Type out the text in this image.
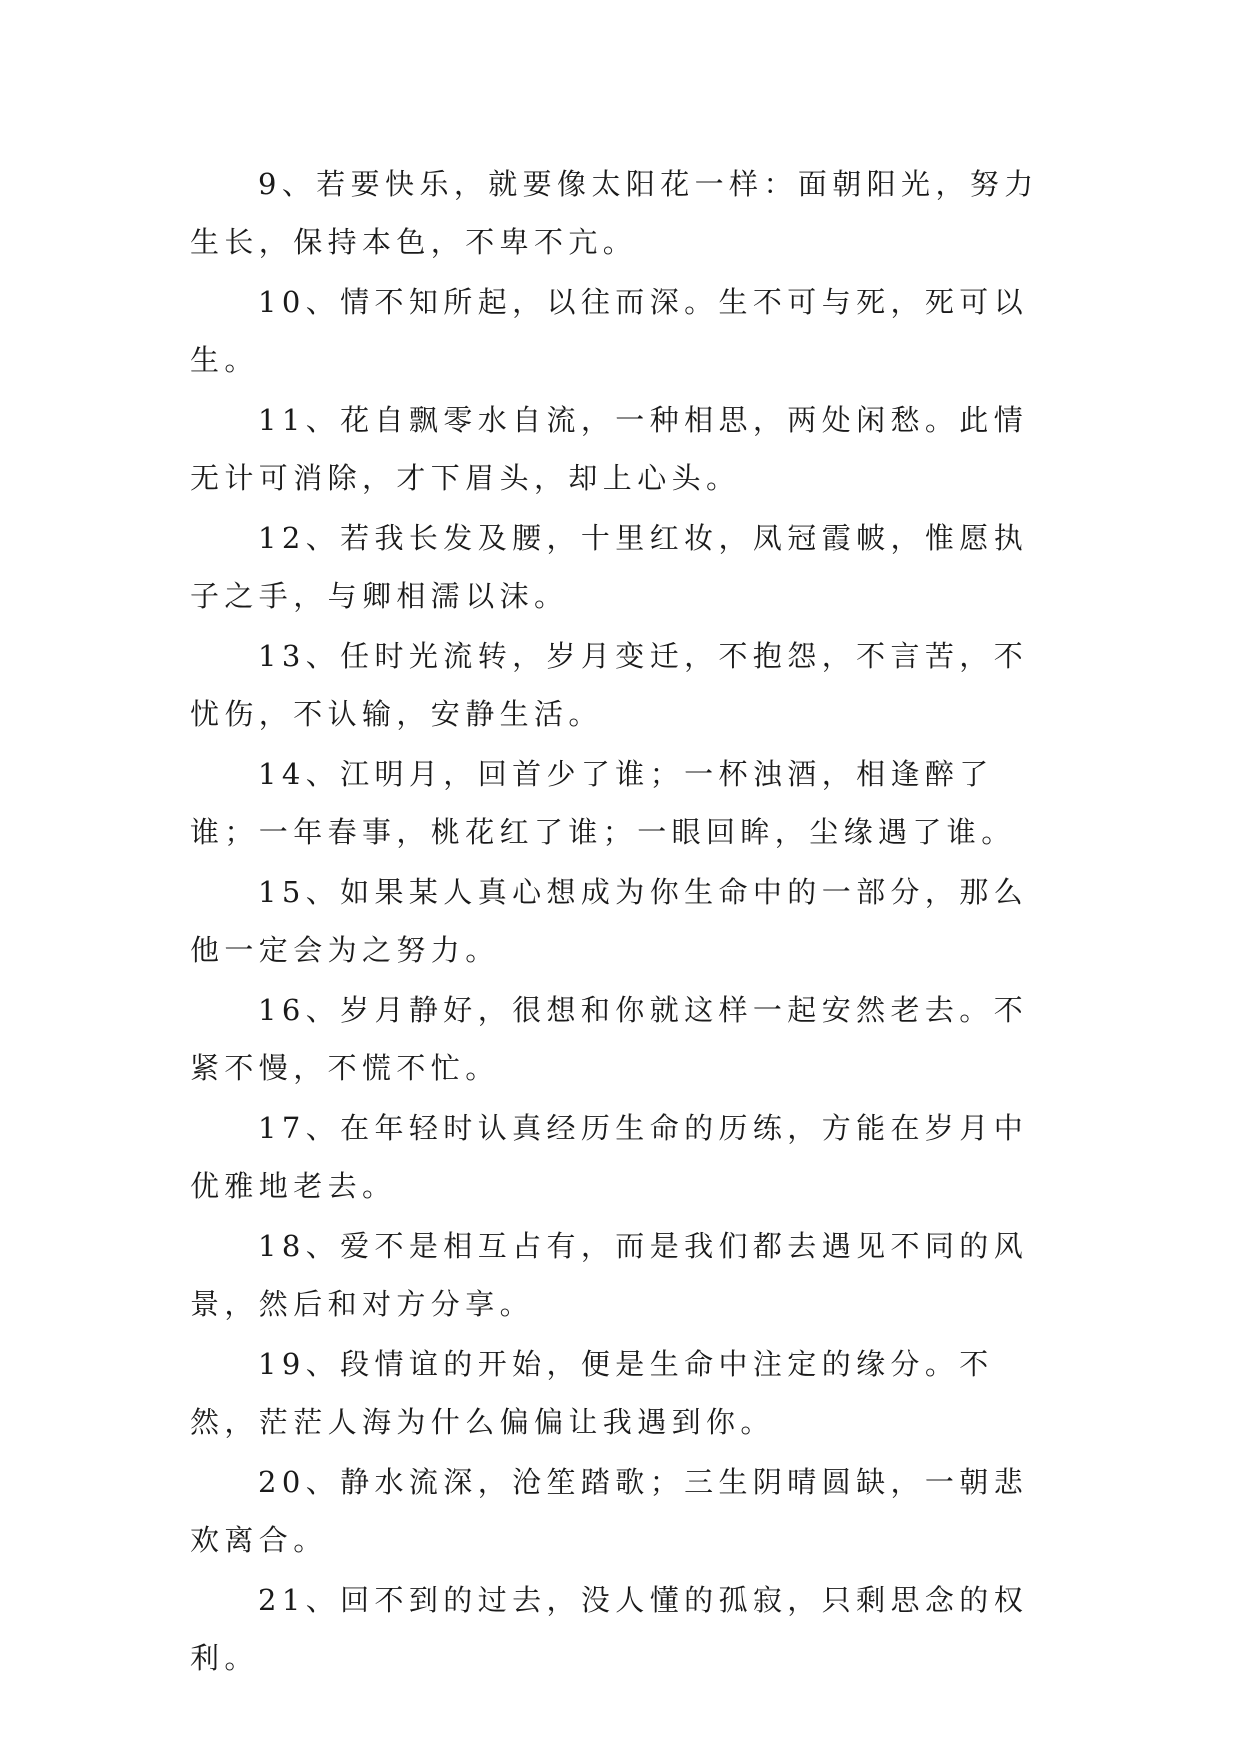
9、若要快乐，就要像太阳花一样：面朝阳光，努力生长，保持本色，不卑不亢。

10、情不知所起，以往而深。生不可与死，死可以生。

11、花自飘零水自流，一种相思，两处闲愁。此情无计可消除，才下眉头，却上心头。

12、若我长发及腰，十里红妆，凤冠霞帔，惟愿执子之手，与卿相濡以沫。

13、任时光流转，岁月变迁，不抱怨，不言苦，不忧伤，不认输，安静生活。

14、江明月，回首少了谁；一杯浊酒，相逢醉了谁；一年春事，桃花红了谁；一眼回眸，尘缘遇了谁。

15、如果某人真心想成为你生命中的一部分，那么他一定会为之努力。

16、岁月静好，很想和你就这样一起安然老去。不紧不慢，不慌不忙。

17、在年轻时认真经历生命的历练，方能在岁月中优雅地老去。

18、爱不是相互占有，而是我们都去遇见不同的风景，然后和对方分享。

19、段情谊的开始，便是生命中注定的缘分。不然，茫茫人海为什么偏偏让我遇到你。

20、静水流深，沧笙踏歌；三生阴晴圆缺，一朝悲欢离合。

21、回不到的过去，没人懂的孤寂，只剩思念的权利。
